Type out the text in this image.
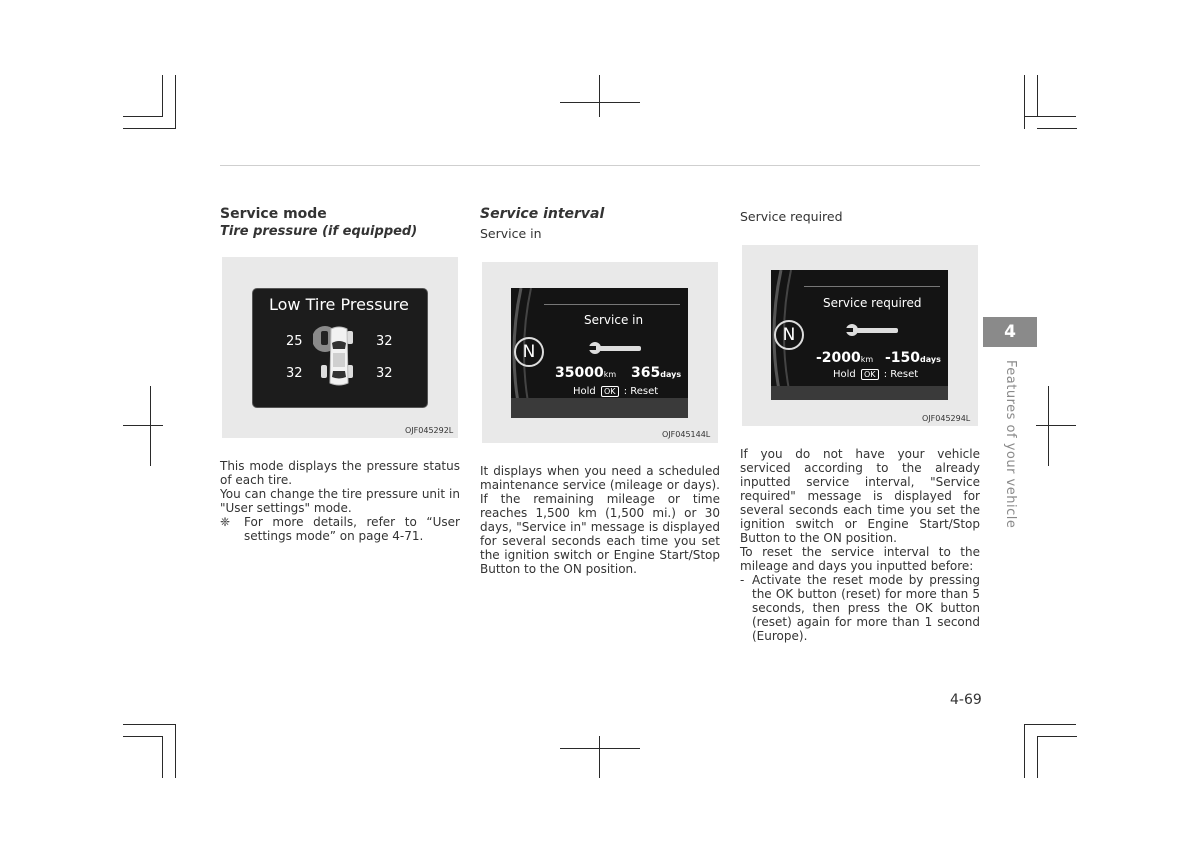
Service mode
Tire pressure (if equipped)
Low Tire Pressure
25	32
32	32
OJF045292L

This mode displays the pressure status of each tire.

You can change the tire pressure unit in "User settings" mode.

❈	For more details, refer to “User settings mode” on page 4-71.
Service interval
Service in
N
Service in
35000km 365days
Hold OK : Reset
OJF045144L

It displays when you need a scheduled maintenance service (mileage or days). If the remaining mileage or time reaches 1,500 km (1,500 mi.) or 30 days, "Service in" message is displayed for several seconds each time you set the ignition switch or Engine Start/Stop Button to the ON position.

Service required
N
Service required
-2000km -150days
Hold OK : Reset
OJF045294L

If you do not have your vehicle serviced according to the already inputted service interval, "Service required" message is displayed for several seconds each time you set the ignition switch or Engine Start/Stop Button to the ON position.

To reset the service interval to the mileage and days you inputted before:

- Activate the reset mode by pressing the OK button (reset) for more than 5 seconds, then press the OK button (reset) again for more than 1 second (Europe).
4
Features of your vehicle
4-69
